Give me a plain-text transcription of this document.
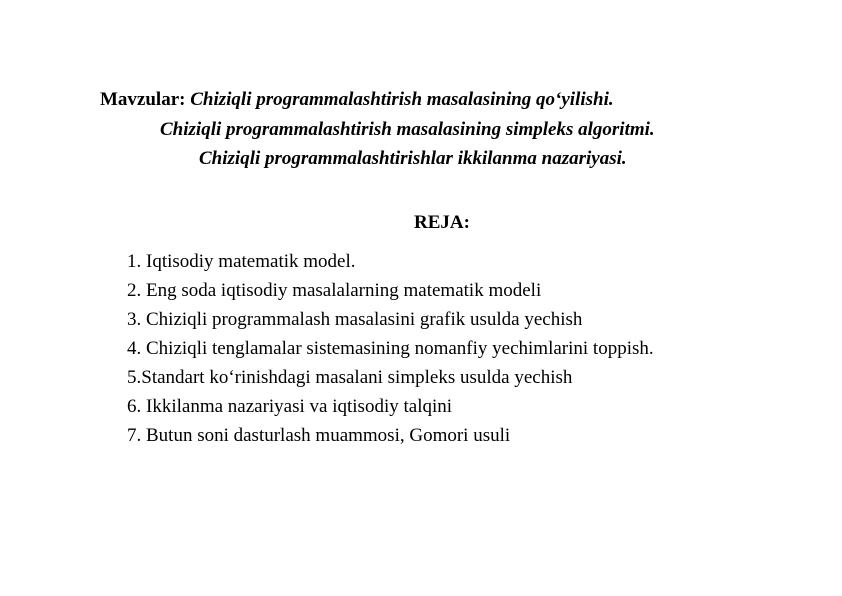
Mavzular: Chiziqli programmalashtirish masalasining qo‘yilishi.
Chiziqli programmalashtirish masalasining simpleks algoritmi.
Chiziqli programmalashtirishlar ikkilanma nazariyasi.
REJA:
1. Iqtisodiy matematik model.
2. Eng soda iqtisodiy masalalarning matematik modeli
3. Chiziqli programmalash masalasini grafik usulda yechish
4. Chiziqli tenglamalar sistemasining nomanfiy yechimlarini toppish.
5.Standart ko‘rinishdagi masalani simpleks usulda yechish
6. Ikkilanma nazariyasi va iqtisodiy talqini
7. Butun soni dasturlash muammosi, Gomori usuli
